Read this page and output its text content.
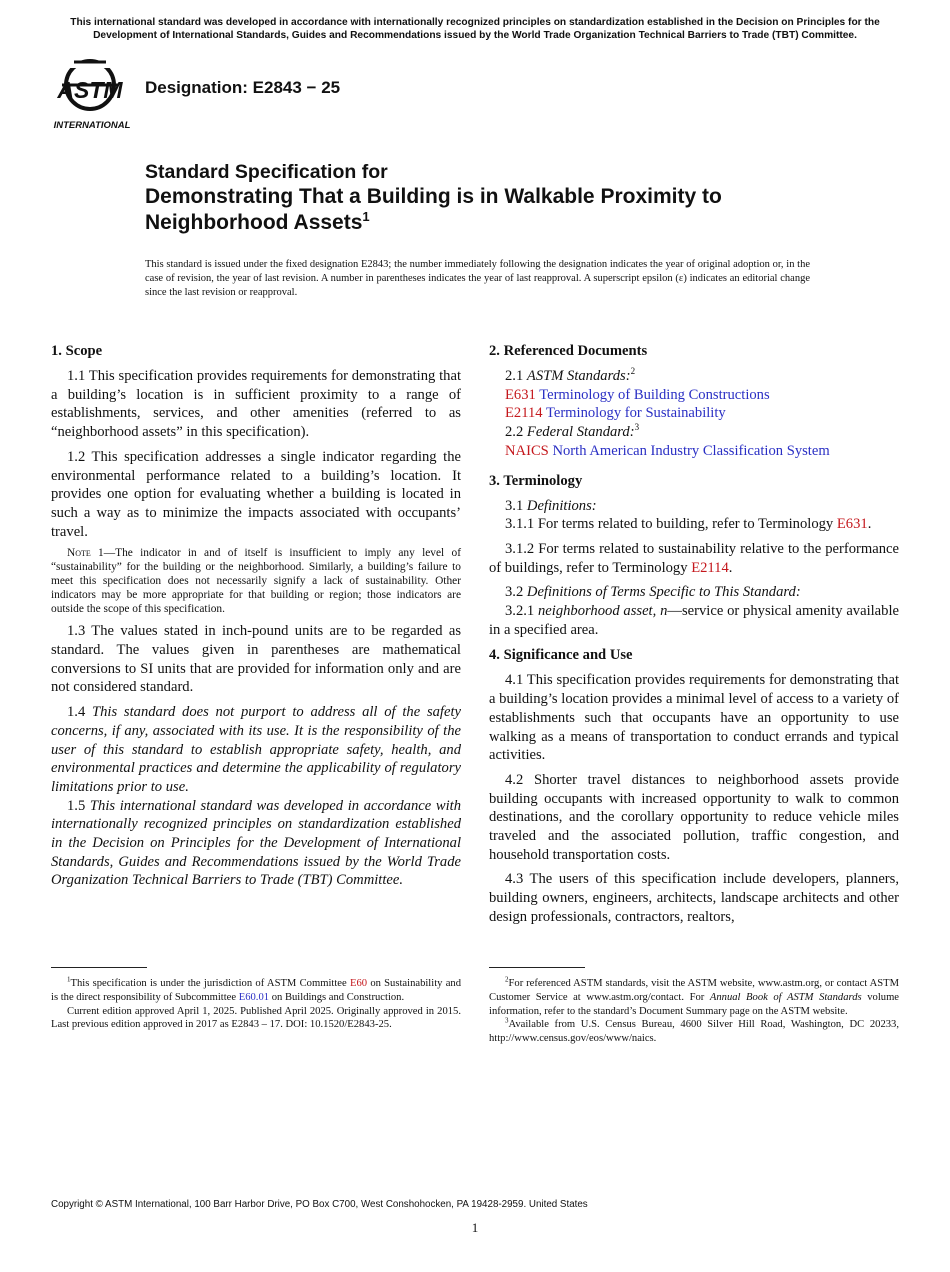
This international standard was developed in accordance with internationally recognized principles on standardization established in the Decision on Principles for the
Development of International Standards, Guides and Recommendations issued by the World Trade Organization Technical Barriers to Trade (TBT) Committee.
ASTM
INTERNATIONAL
Designation: E2843 − 25
Standard Specification for
Demonstrating That a Building is in Walkable Proximity to
Neighborhood Assets$^1$
This standard is issued under the fixed designation E2843; the number immediately following the designation indicates the year of original adoption or, in the case of revision, the year of last revision. A number in parentheses indicates the year of last reapproval. A superscript epsilon (ε) indicates an editorial change since the last revision or reapproval.
1. Scope

1.1 This specification provides requirements for demonstrating that a building’s location is in sufficient proximity to a range of establishments, services, and other amenities (referred to as “neighborhood assets” in this specification).

1.2 This specification addresses a single indicator regarding the environmental performance related to a building’s location. It provides one option for evaluating whether a building is located in such a way as to minimize the impacts associated with occupants’ travel.

Note 1—The indicator in and of itself is insufficient to imply any level of “sustainability” for the building or the neighborhood. Similarly, a building’s failure to meet this specification does not necessarily signify a lack of sustainability. Other indicators may be more appropriate for that building or region; those indicators are outside the scope of this specification.

1.3 The values stated in inch-pound units are to be regarded as standard. The values given in parentheses are mathematical conversions to SI units that are provided for information only and are not considered standard.

1.4 This standard does not purport to address all of the safety concerns, if any, associated with its use. It is the responsibility of the user of this standard to establish appropriate safety, health, and environmental practices and determine the applicability of regulatory limitations prior to use.

1.5 This international standard was developed in accordance with internationally recognized principles on standardization established in the Decision on Principles for the Development of International Standards, Guides and Recommendations issued by the World Trade Organization Technical Barriers to Trade (TBT) Committee.

2. Referenced Documents
2.1 ASTM Standards:$^2$
E631 Terminology of Building Constructions
E2114 Terminology for Sustainability
2.2 Federal Standard:$^3$
NAICS North American Industry Classification System
3. Terminology

3.1 Definitions:

3.1.1 For terms related to building, refer to Terminology E631.

3.1.2 For terms related to sustainability relative to the performance of buildings, refer to Terminology E2114.

3.2 Definitions of Terms Specific to This Standard:

3.2.1 neighborhood asset, n—service or physical amenity available in a specified area.

4. Significance and Use

4.1 This specification provides requirements for demonstrating that a building’s location provides a minimal level of access to a variety of establishments such that occupants have an opportunity to use walking as a means of transportation to conduct errands and typical activities.

4.2 Shorter travel distances to neighborhood assets provide building occupants with increased opportunity to walk to common destinations, and the corollary opportunity to reduce vehicle miles traveled and the associated pollution, traffic congestion, and household transportation costs.

4.3 The users of this specification include developers, planners, building owners, engineers, architects, landscape architects and other design professionals, contractors, realtors,

$^1$This specification is under the jurisdiction of ASTM Committee E60 on Sustainability and is the direct responsibility of Subcommittee E60.01 on Buildings and Construction.

Current edition approved April 1, 2025. Published April 2025. Originally approved in 2015. Last previous edition approved in 2017 as E2843 – 17. DOI: 10.1520/E2843-25.

$^2$For referenced ASTM standards, visit the ASTM website, www.astm.org, or contact ASTM Customer Service at www.astm.org/contact. For Annual Book of ASTM Standards volume information, refer to the standard’s Document Summary page on the ASTM website.

$^3$Available from U.S. Census Bureau, 4600 Silver Hill Road, Washington, DC 20233, http://www.census.gov/eos/www/naics.

Copyright © ASTM International, 100 Barr Harbor Drive, PO Box C700, West Conshohocken, PA 19428-2959. United States
1
